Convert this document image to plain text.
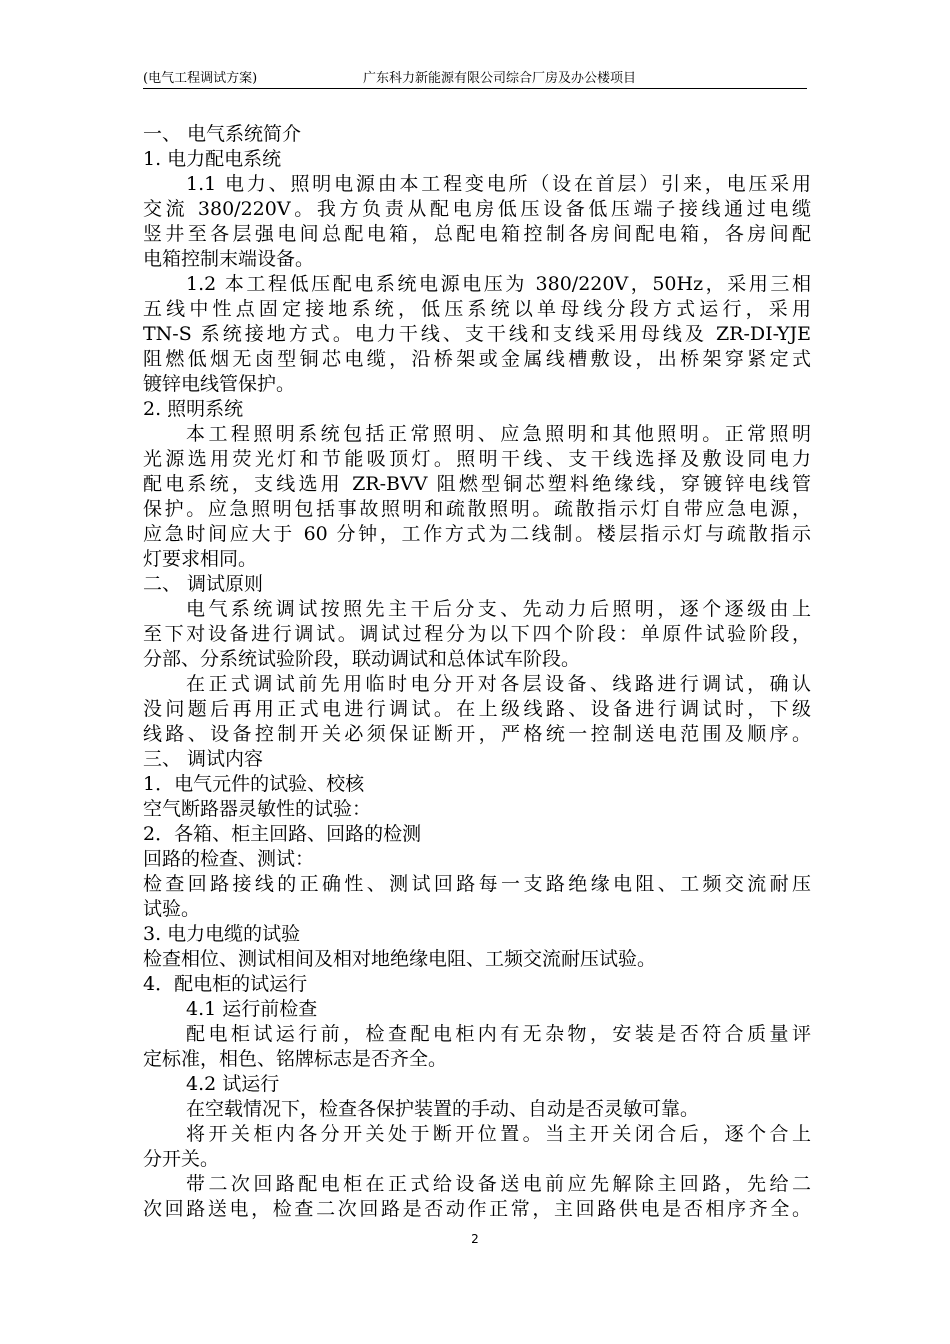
(电气工程调试方案)	广东科力新能源有限公司综合厂房及办公楼项目
一、 电气系统简介
1. 电力配电系统
1.1 电力、照明电源由本工程变电所（设在首层）引来，电压采用
交流 380/220V。我方负责从配电房低压设备低压端子接线通过电缆
竖井至各层强电间总配电箱，总配电箱控制各房间配电箱，各房间配
电箱控制末端设备。
1.2 本工程低压配电系统电源电压为 380/220V，50Hz，采用三相
五线中性点固定接地系统，低压系统以单母线分段方式运行，采用
TN-S 系统接地方式。电力干线、支干线和支线采用母线及 ZR-DI-YJE
阻燃低烟无卤型铜芯电缆，沿桥架或金属线槽敷设，出桥架穿紧定式
镀锌电线管保护。
2. 照明系统
本工程照明系统包括正常照明、应急照明和其他照明。正常照明
光源选用荧光灯和节能吸顶灯。照明干线、支干线选择及敷设同电力
配电系统，支线选用 ZR-BVV 阻燃型铜芯塑料绝缘线，穿镀锌电线管
保护。应急照明包括事故照明和疏散照明。疏散指示灯自带应急电源，
应急时间应大于 60 分钟，工作方式为二线制。楼层指示灯与疏散指示
灯要求相同。
二、 调试原则
电气系统调试按照先主干后分支、先动力后照明，逐个逐级由上
至下对设备进行调试。调试过程分为以下四个阶段：单原件试验阶段，
分部、分系统试验阶段，联动调试和总体试车阶段。
在正式调试前先用临时电分开对各层设备、线路进行调试，确认
没问题后再用正式电进行调试。在上级线路、设备进行调试时，下级
线路、设备控制开关必须保证断开，严格统一控制送电范围及顺序。
三、 调试内容
1．电气元件的试验、校核
空气断路器灵敏性的试验：
2．各箱、柜主回路、回路的检测
回路的检查、测试：
检查回路接线的正确性、测试回路每一支路绝缘电阻、工频交流耐压
试验。
3. 电力电缆的试验
检查相位、测试相间及相对地绝缘电阻、工频交流耐压试验。
4．配电柜的试运行
4.1 运行前检查
配电柜试运行前，检查配电柜内有无杂物，安装是否符合质量评
定标准，相色、铭牌标志是否齐全。
4.2 试运行
在空载情况下，检查各保护装置的手动、自动是否灵敏可靠。
将开关柜内各分开关处于断开位置。当主开关闭合后，逐个合上
分开关。
带二次回路配电柜在正式给设备送电前应先解除主回路，先给二
次回路送电，检查二次回路是否动作正常，主回路供电是否相序齐全。
2
